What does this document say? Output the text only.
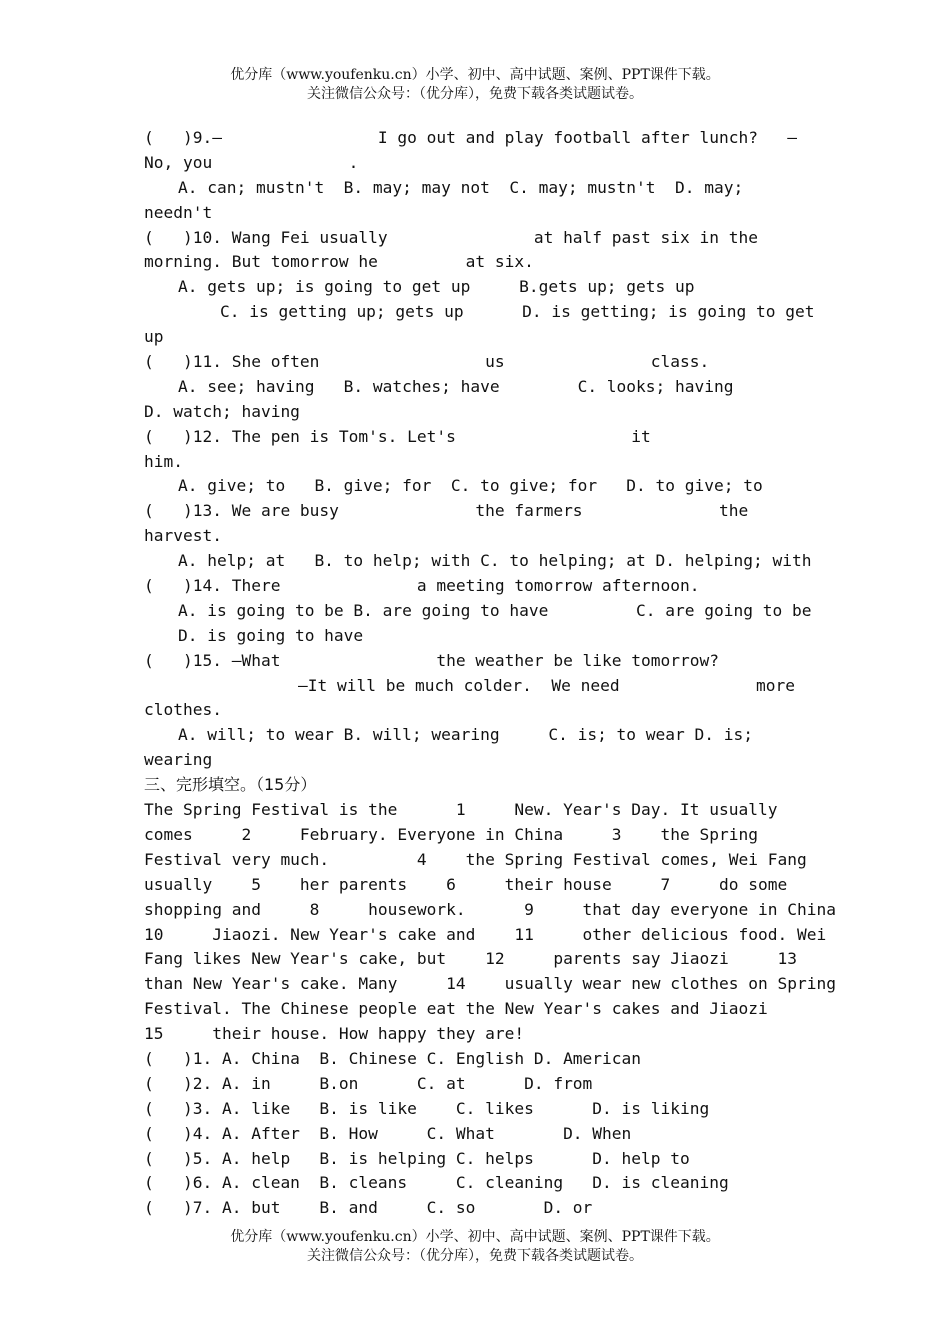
优分库（www.youfenku.cn）小学、初中、高中试题、案例、PPT课件下载。
关注微信公众号：（优分库），免费下载各类试题试卷。
(   )9.—                I go out and play football after lunch?   —
No, you              .
A. can; mustn't  B. may; may not  C. may; mustn't  D. may;
needn't
(   )10. Wang Fei usually               at half past six in the
morning. But tomorrow he         at six.
A. gets up; is going to get up     B.gets up; gets up
C. is getting up; gets up      D. is getting; is going to get
up
(   )11. She often                 us               class.
A. see; having   B. watches; have        C. looks; having
D. watch; having
(   )12. The pen is Tom's. Let's                  it
him.
A. give; to   B. give; for  C. to give; for   D. to give; to
(   )13. We are busy              the farmers              the
harvest.
A. help; at   B. to help; with C. to helping; at D. helping; with
(   )14. There              a meeting tomorrow afternoon.
A. is going to be B. are going to have         C. are going to be
D. is going to have
(   )15. —What                the weather be like tomorrow?
—It will be much colder.  We need              more
clothes.
A. will; to wear B. will; wearing     C. is; to wear D. is;
wearing
三、完形填空。（15分）
The Spring Festival is the      1     New. Year's Day. It usually
comes     2     February. Everyone in China     3    the Spring
Festival very much.         4    the Spring Festival comes, Wei Fang
usually    5    her parents    6     their house     7     do some
shopping and     8     housework.      9     that day everyone in China
10     Jiaozi. New Year's cake and    11     other delicious food. Wei
Fang likes New Year's cake, but    12     parents say Jiaozi     13
than New Year's cake. Many     14    usually wear new clothes on Spring
Festival. The Chinese people eat the New Year's cakes and Jiaozi
15     their house. How happy they are!
(   )1. A. China  B. Chinese C. English D. American
(   )2. A. in     B.on      C. at      D. from
(   )3. A. like   B. is like    C. likes      D. is liking
(   )4. A. After  B. How     C. What       D. When
(   )5. A. help   B. is helping C. helps      D. help to
(   )6. A. clean  B. cleans     C. cleaning   D. is cleaning
(   )7. A. but    B. and     C. so       D. or
优分库（www.youfenku.cn）小学、初中、高中试题、案例、PPT课件下载。
关注微信公众号：（优分库），免费下载各类试题试卷。
